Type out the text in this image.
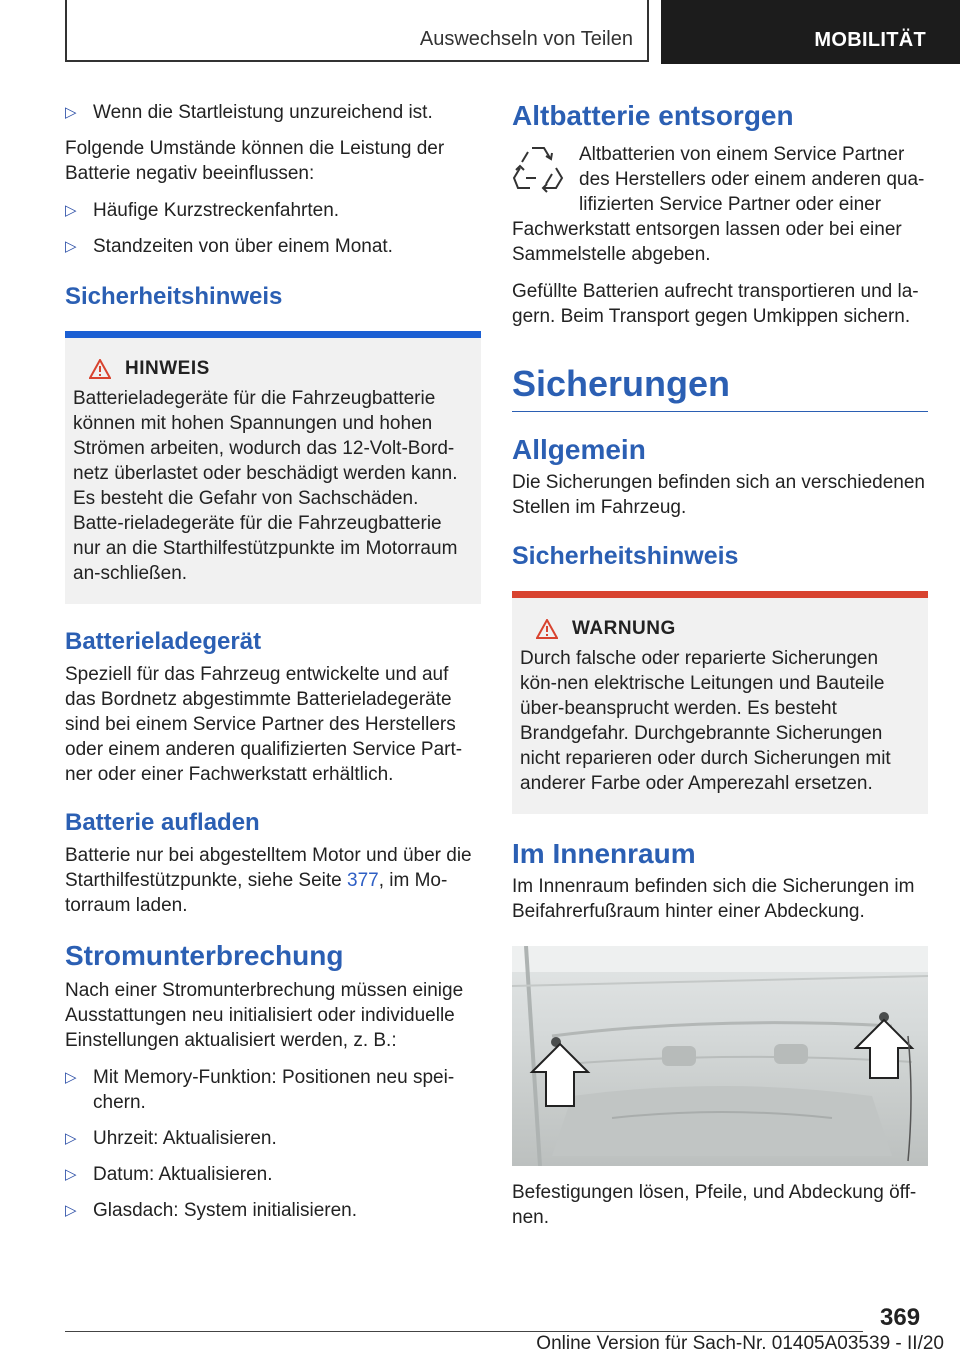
Auswechseln von Teilen	MOBILITÄT
▷ Wenn die Startleistung unzureichend ist.

Folgende Umstände können die Leistung der Batterie negativ beeinflussen:

▷ Häufige Kurzstreckenfahrten.
▷ Standzeiten von über einem Monat.
Sicherheitshinweis
HINWEIS

Batterieladegeräte für die Fahrzeugbatterie können mit hohen Spannungen und hohen Strömen arbeiten, wodurch das 12-Volt-Bord-netz überlastet oder beschädigt werden kann. Es besteht die Gefahr von Sachschäden. Batte-rieladegeräte für die Fahrzeugbatterie nur an die Starthilfestützpunkte im Motorraum an-schließen.

Batterieladegerät

Speziell für das Fahrzeug entwickelte und auf das Bordnetz abgestimmte Batterieladegeräte sind bei einem Service Partner des Herstellers oder einem anderen qualifizierten Service Part-ner oder einer Fachwerkstatt erhältlich.

Batterie aufladen

Batterie nur bei abgestelltem Motor und über die Starthilfestützpunkte, siehe Seite 377, im Mo-torraum laden.

Stromunterbrechung

Nach einer Stromunterbrechung müssen einige Ausstattungen neu initialisiert oder individuelle Einstellungen aktualisiert werden, z. B.:

▷ Mit Memory-Funktion: Positionen neu spei-chern.
▷ Uhrzeit: Aktualisieren.
▷ Datum: Aktualisieren.
▷ Glasdach: System initialisieren.
Altbatterie entsorgen
Altbatterien von einem Service Partner
des Herstellers oder einem anderen qua-
lifizierten Service Partner oder einer

Fachwerkstatt entsorgen lassen oder bei einer Sammelstelle abgeben.

Gefüllte Batterien aufrecht transportieren und la-gern. Beim Transport gegen Umkippen sichern.

Sicherungen
Allgemein

Die Sicherungen befinden sich an verschiedenen Stellen im Fahrzeug.

Sicherheitshinweis
WARNUNG

Durch falsche oder reparierte Sicherungen kön-nen elektrische Leitungen und Bauteile über-beansprucht werden. Es besteht Brandgefahr. Durchgebrannte Sicherungen nicht reparieren oder durch Sicherungen mit anderer Farbe oder Amperezahl ersetzen.

Im Innenraum

Im Innenraum befinden sich die Sicherungen im Beifahrerfußraum hinter einer Abdeckung.

Befestigungen lösen, Pfeile, und Abdeckung öff-nen.

369
Online Version für Sach-Nr. 01405A03539 - II/20
